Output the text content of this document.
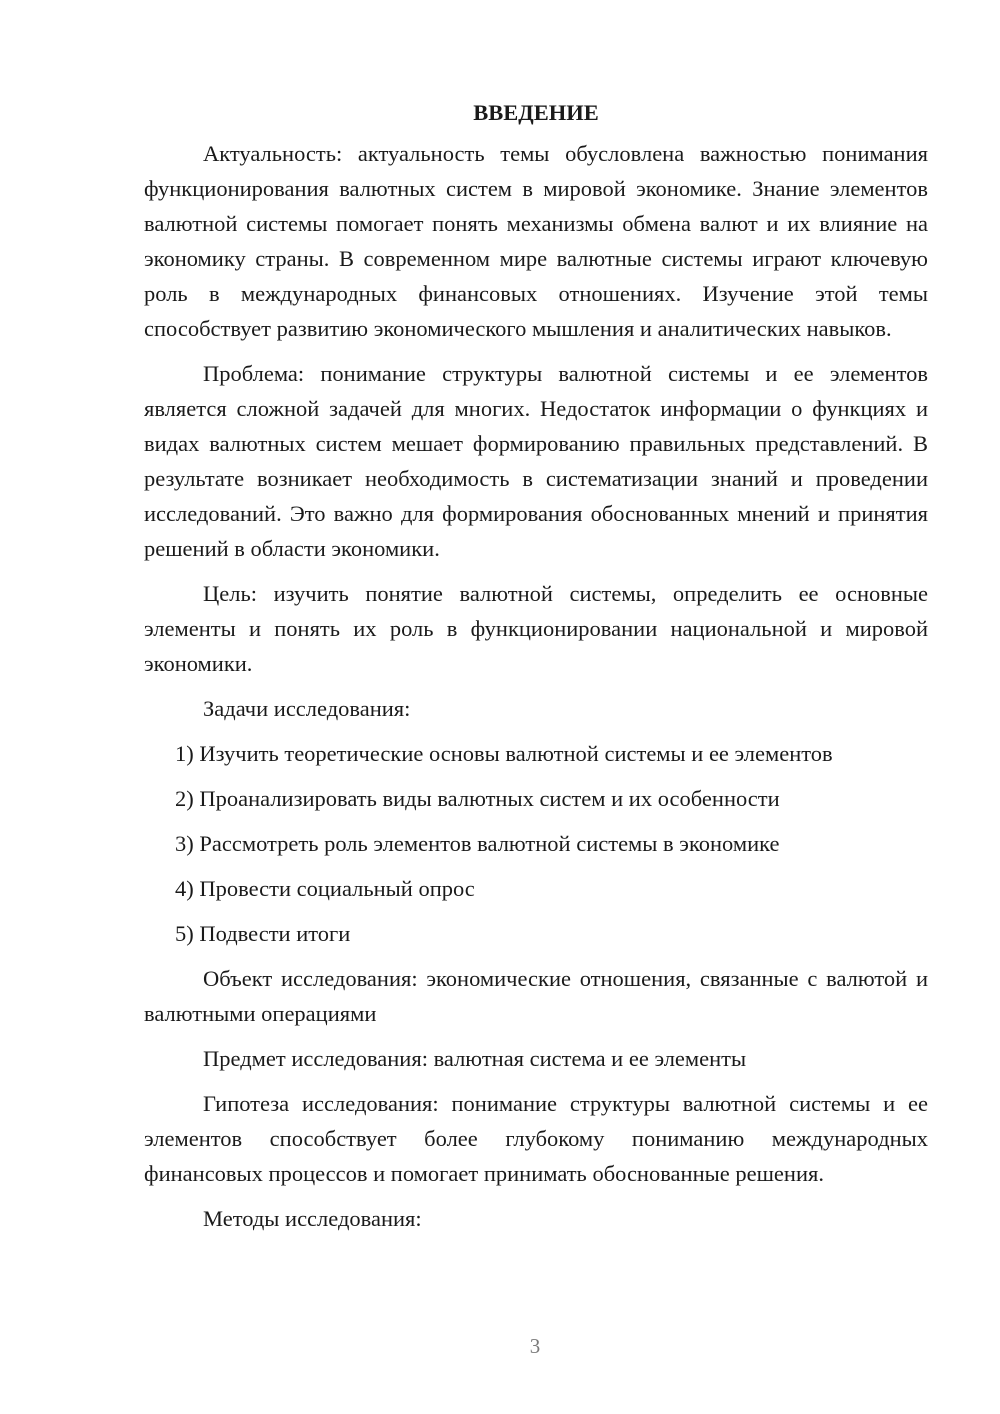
ВВЕДЕНИЕ

Актуальность: актуальность темы обусловлена важностью понимания функционирования валютных систем в мировой экономике. Знание элементов валютной системы помогает понять механизмы обмена валют и их влияние на экономику страны. В современном мире валютные системы играют ключевую роль в международных финансовых отношениях. Изучение этой темы способствует развитию экономического мышления и аналитических навыков.

Проблема: понимание структуры валютной системы и ее элементов является сложной задачей для многих. Недостаток информации о функциях и видах валютных систем мешает формированию правильных представлений. В результате возникает необходимость в систематизации знаний и проведении исследований. Это важно для формирования обоснованных мнений и принятия решений в области экономики.

Цель: изучить понятие валютной системы, определить ее основные элементы и понять их роль в функционировании национальной и мировой экономики.

Задачи исследования:

1) Изучить теоретические основы валютной системы и ее элементов

2) Проанализировать виды валютных систем и их особенности

3) Рассмотреть роль элементов валютной системы в экономике

4) Провести социальный опрос

5) Подвести итоги

Объект исследования: экономические отношения, связанные с валютой и валютными операциями

Предмет исследования: валютная система и ее элементы

Гипотеза исследования: понимание структуры валютной системы и ее элементов способствует более глубокому пониманию международных финансовых процессов и помогает принимать обоснованные решения.

Методы исследования:

3
